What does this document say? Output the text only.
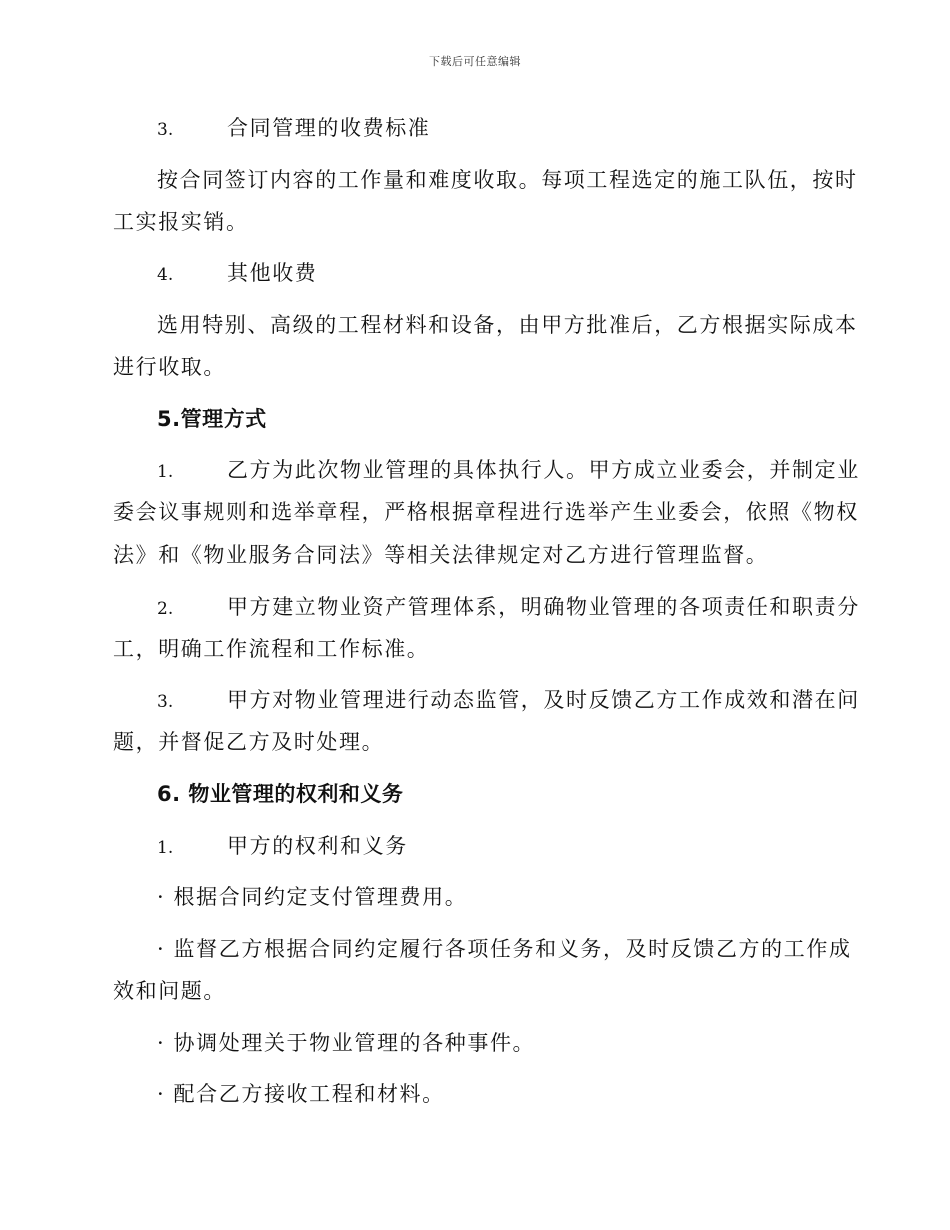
下载后可任意编辑
3.	合同管理的收费标准
按合同签订内容的工作量和难度收取。每项工程选定的施工队伍，按时
工实报实销。
4.	其他收费
选用特别、高级的工程材料和设备，由甲方批准后，乙方根据实际成本
进行收取。
5.管理方式
1.	乙方为此次物业管理的具体执行人。甲方成立业委会，并制定业
委会议事规则和选举章程，严格根据章程进行选举产生业委会，依照《物权
法》和《物业服务合同法》等相关法律规定对乙方进行管理监督。
2.	甲方建立物业资产管理体系，明确物业管理的各项责任和职责分
工，明确工作流程和工作标准。
3.	甲方对物业管理进行动态监管，及时反馈乙方工作成效和潜在问
题，并督促乙方及时处理。
6. 物业管理的权利和义务
1.	甲方的权利和义务
· 根据合同约定支付管理费用。
· 监督乙方根据合同约定履行各项任务和义务，及时反馈乙方的工作成
效和问题。
· 协调处理关于物业管理的各种事件。
· 配合乙方接收工程和材料。
